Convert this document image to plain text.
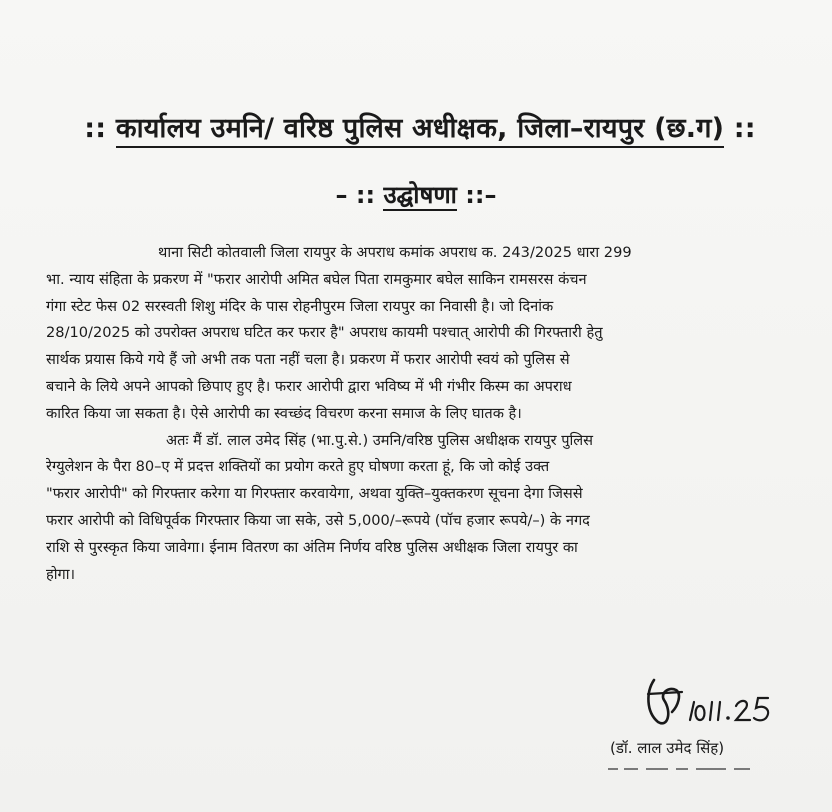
:: कार्यालय उमनि/ वरिष्ठ पुलिस अधीक्षक, जिला–रायपुर (छ.ग) ::
– :: उद्घोषणा ::–
थाना सिटी कोतवाली जिला रायपुर के अपराध कमांक अपराध क. 243/2025 धारा 299
भा. न्याय संहिता के प्रकरण में "फरार आरोपी अमित बघेल पिता रामकुमार बघेल साकिन रामसरस कंचन
गंगा स्टेट फेस 02 सरस्वती शिशु मंदिर के पास रोहनीपुरम जिला रायपुर का निवासी है। जो दिनांक
28/10/2025 को उपरोक्त अपराध घटित कर फरार है" अपराध कायमी पश्चात् आरोपी की गिरफ्तारी हेतु
सार्थक प्रयास किये गये हैं जो अभी तक पता नहीं चला है। प्रकरण में फरार आरोपी स्वयं को पुलिस से
बचाने के लिये अपने आपको छिपाए हुए है। फरार आरोपी द्वारा भविष्य में भी गंभीर किस्म का अपराध
कारित किया जा सकता है। ऐसे आरोपी का स्वच्छंद विचरण करना समाज के लिए घातक है।
अतः मैं डॉ. लाल उमेद सिंह (भा.पु.से.) उमनि/वरिष्ठ पुलिस अधीक्षक रायपुर पुलिस
रेग्युलेशन के पैरा 80–ए में प्रदत्त शक्तियों का प्रयोग करते हुए घोषणा करता हूं, कि जो कोई उक्त
"फरार आरोपी" को गिरफ्तार करेगा या गिरफ्तार करवायेगा, अथवा युक्ति–युक्तकरण सूचना देगा जिससे
फरार आरोपी को विधिपूर्वक गिरफ्तार किया जा सके, उसे 5,000/–रूपये (पॉच हजार रूपये/–) के नगद
राशि से पुरस्कृत किया जावेगा। ईनाम वितरण का अंतिम निर्णय वरिष्ठ पुलिस अधीक्षक जिला रायपुर का
होगा।
(डॉ. लाल उमेद सिंह)
